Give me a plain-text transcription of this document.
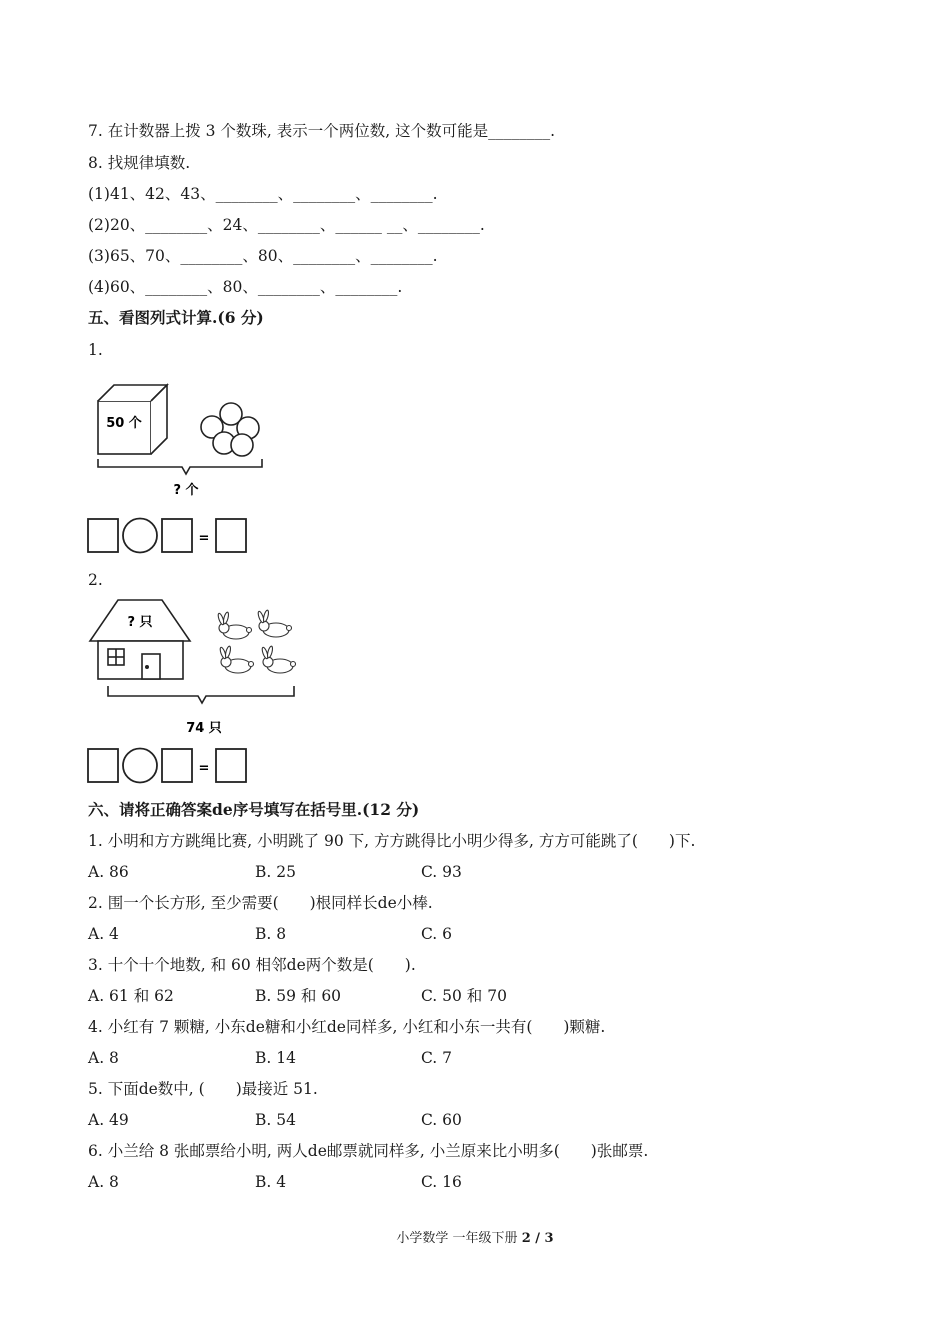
7. 在计数器上拨 3 个数珠, 表示一个两位数, 这个数可能是________.
8. 找规律填数.
(1)41、42、43、________、________、________.
(2)20、________、24、________、______ __、________.
(3)65、70、________、80、________、________.
(4)60、________、80、________、________.
五、看图列式计算.(6 分)
1.
50 个
? 个
=
2.
? 只
74 只
=
六、请将正确答案de序号填写在括号里.(12 分)
1. 小明和方方跳绳比赛, 小明跳了 90 下, 方方跳得比小明少得多, 方方可能跳了(　　)下.
A. 86	B. 25	C. 93
2. 围一个长方形, 至少需要(　　)根同样长de小棒.
A. 4	B. 8	C. 6
3. 十个十个地数, 和 60 相邻de两个数是(　　).
A. 61 和 62	B. 59 和 60	C. 50 和 70
4. 小红有 7 颗糖, 小东de糖和小红de同样多, 小红和小东一共有(　　)颗糖.
A. 8	B. 14	C. 7
5. 下面de数中, (　　)最接近 51.
A. 49	B. 54	C. 60
6. 小兰给 8 张邮票给小明, 两人de邮票就同样多, 小兰原来比小明多(　　)张邮票.
A. 8	B. 4	C. 16
小学数学 一年级下册 2 / 3
